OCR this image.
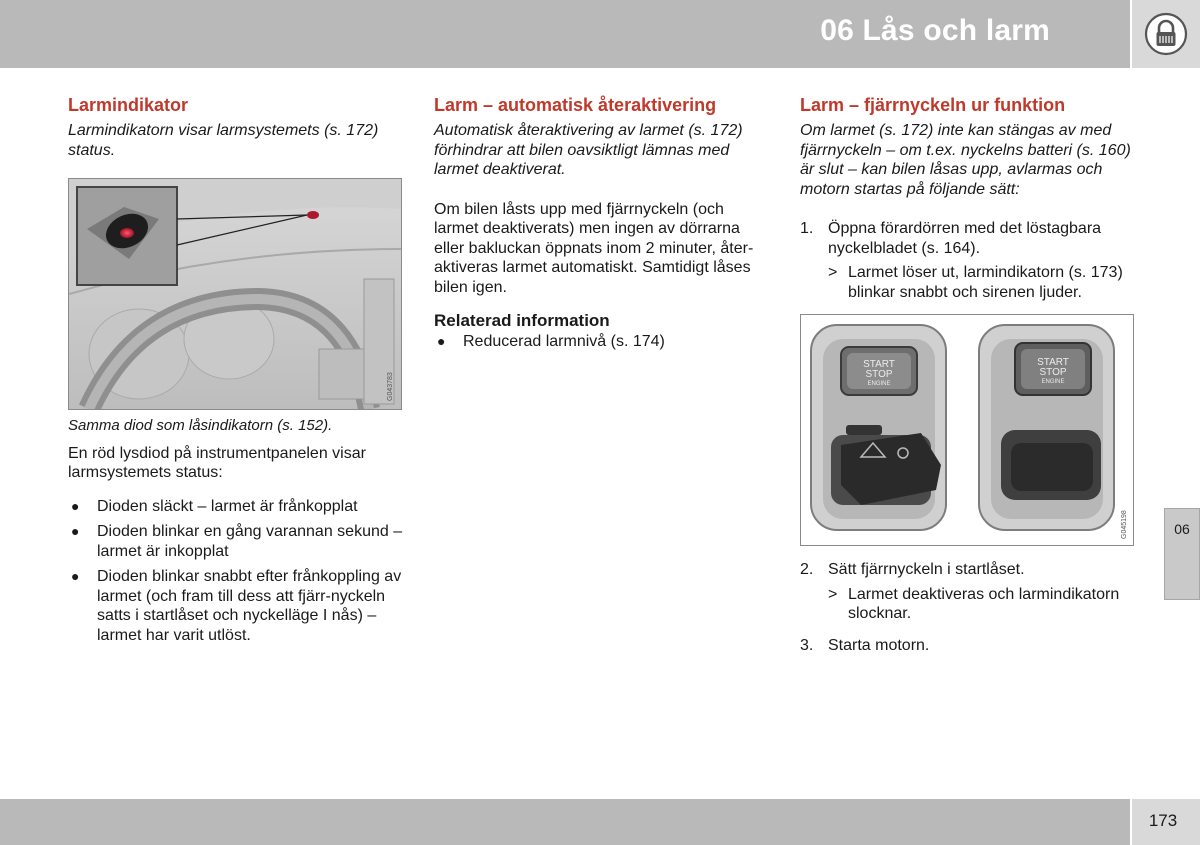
06 Lås och larm
Larmindikator
Larmindikatorn visar larmsystemets (s. 172) status.
G043783
Samma diod som låsindikatorn (s. 152).

En röd lysdiod på instrumentpanelen visar larmsystemets status:

● Dioden släckt – larmet är frånkopplat
● Dioden blinkar en gång varannan sekund – larmet är inkopplat
● Dioden blinkar snabbt efter frånkoppling av larmet (och fram till dess att fjärr-nyckeln satts i startlåset och nyckelläge I nås) – larmet har varit utlöst.
Larm – automatisk återaktivering
Automatisk återaktivering av larmet (s. 172) förhindrar att bilen oavsiktligt lämnas med larmet deaktiverat.

Om bilen låsts upp med fjärrnyckeln (och larmet deaktiverats) men ingen av dörrarna eller bakluckan öppnats inom 2 minuter, åter-aktiveras larmet automatiskt. Samtidigt låses bilen igen.

Relaterad information
● Reducerad larmnivå (s. 174)
Larm – fjärrnyckeln ur funktion
Om larmet (s. 172) inte kan stängas av med fjärrnyckeln – om t.ex. nyckelns batteri (s. 160) är slut – kan bilen låsas upp, avlarmas och motorn startas på följande sätt:
1. Öppna förardörren med det löstagbara nyckelbladet (s. 164).
> Larmet löser ut, larmindikatorn (s. 173) blinkar snabbt och sirenen ljuder.
START
STOP
ENGINE
START
STOP
ENGINE
G045198
2. Sätt fjärrnyckeln i startlåset.
> Larmet deaktiveras och larmindikatorn slocknar.
3. Starta motorn.
06
173
